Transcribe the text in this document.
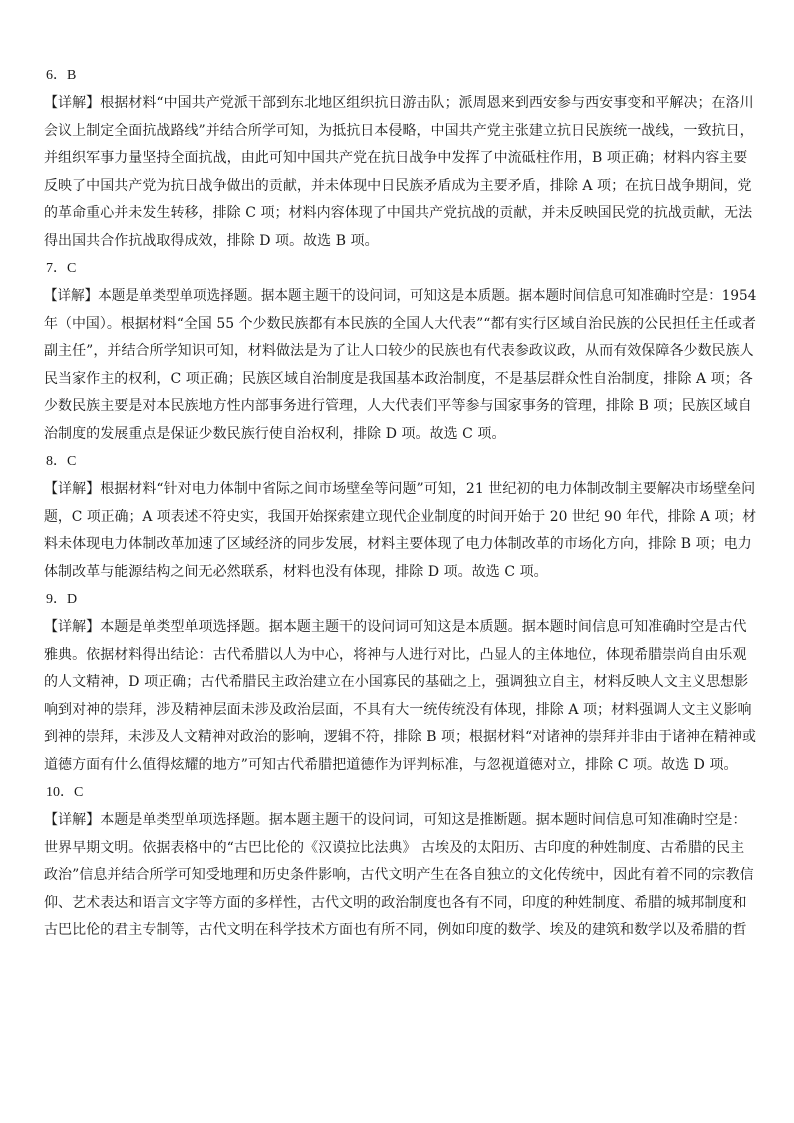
6．B
【详解】根据材料“中国共产党派干部到东北地区组织抗日游击队；派周恩来到西安参与西安事变和平解决；在洛川
会议上制定全面抗战路线”并结合所学可知，为抵抗日本侵略，中国共产党主张建立抗日民族统一战线，一致抗日，
并组织军事力量坚持全面抗战，由此可知中国共产党在抗日战争中发挥了中流砥柱作用，B 项正确；材料内容主要
反映了中国共产党为抗日战争做出的贡献，并未体现中日民族矛盾成为主要矛盾，排除 A 项；在抗日战争期间，党
的革命重心并未发生转移，排除 C 项；材料内容体现了中国共产党抗战的贡献，并未反映国民党的抗战贡献，无法
得出国共合作抗战取得成效，排除 D 项。故选 B 项。
7．C
【详解】本题是单类型单项选择题。据本题主题干的设问词，可知这是本质题。据本题时间信息可知准确时空是：1954
年（中国）。根据材料“全国 55 个少数民族都有本民族的全国人大代表”“都有实行区域自治民族的公民担任主任或者
副主任”，并结合所学知识可知，材料做法是为了让人口较少的民族也有代表参政议政，从而有效保障各少数民族人
民当家作主的权利，C 项正确；民族区域自治制度是我国基本政治制度，不是基层群众性自治制度，排除 A 项；各
少数民族主要是对本民族地方性内部事务进行管理，人大代表们平等参与国家事务的管理，排除 B 项；民族区域自
治制度的发展重点是保证少数民族行使自治权利，排除 D 项。故选 C 项。
8．C
【详解】根据材料“针对电力体制中省际之间市场壁垒等问题”可知，21 世纪初的电力体制改制主要解决市场壁垒问
题，C 项正确；A 项表述不符史实，我国开始探索建立现代企业制度的时间开始于 20 世纪 90 年代，排除 A 项；材
料未体现电力体制改革加速了区域经济的同步发展，材料主要体现了电力体制改革的市场化方向，排除 B 项；电力
体制改革与能源结构之间无必然联系，材料也没有体现，排除 D 项。故选 C 项。
9．D
【详解】本题是单类型单项选择题。据本题主题干的设问词可知这是本质题。据本题时间信息可知准确时空是古代
雅典。依据材料得出结论：古代希腊以人为中心，将神与人进行对比，凸显人的主体地位，体现希腊崇尚自由乐观
的人文精神，D 项正确；古代希腊民主政治建立在小国寡民的基础之上，强调独立自主，材料反映人文主义思想影
响到对神的崇拜，涉及精神层面未涉及政治层面，不具有大一统传统没有体现，排除 A 项；材料强调人文主义影响
到神的崇拜，未涉及人文精神对政治的影响，逻辑不符，排除 B 项；根据材料“对诸神的崇拜并非由于诸神在精神或
道德方面有什么值得炫耀的地方”可知古代希腊把道德作为评判标准，与忽视道德对立，排除 C 项。故选 D 项。
10．C
【详解】本题是单类型单项选择题。据本题主题干的设问词，可知这是推断题。据本题时间信息可知准确时空是：
世界早期文明。依据表格中的“古巴比伦的《汉谟拉比法典》 古埃及的太阳历、古印度的种姓制度、古希腊的民主
政治”信息并结合所学可知受地理和历史条件影响，古代文明产生在各自独立的文化传统中，因此有着不同的宗教信
仰、艺术表达和语言文字等方面的多样性，古代文明的政治制度也各有不同，印度的种姓制度、希腊的城邦制度和
古巴比伦的君主专制等，古代文明在科学技术方面也有所不同，例如印度的数学、埃及的建筑和数学以及希腊的哲
